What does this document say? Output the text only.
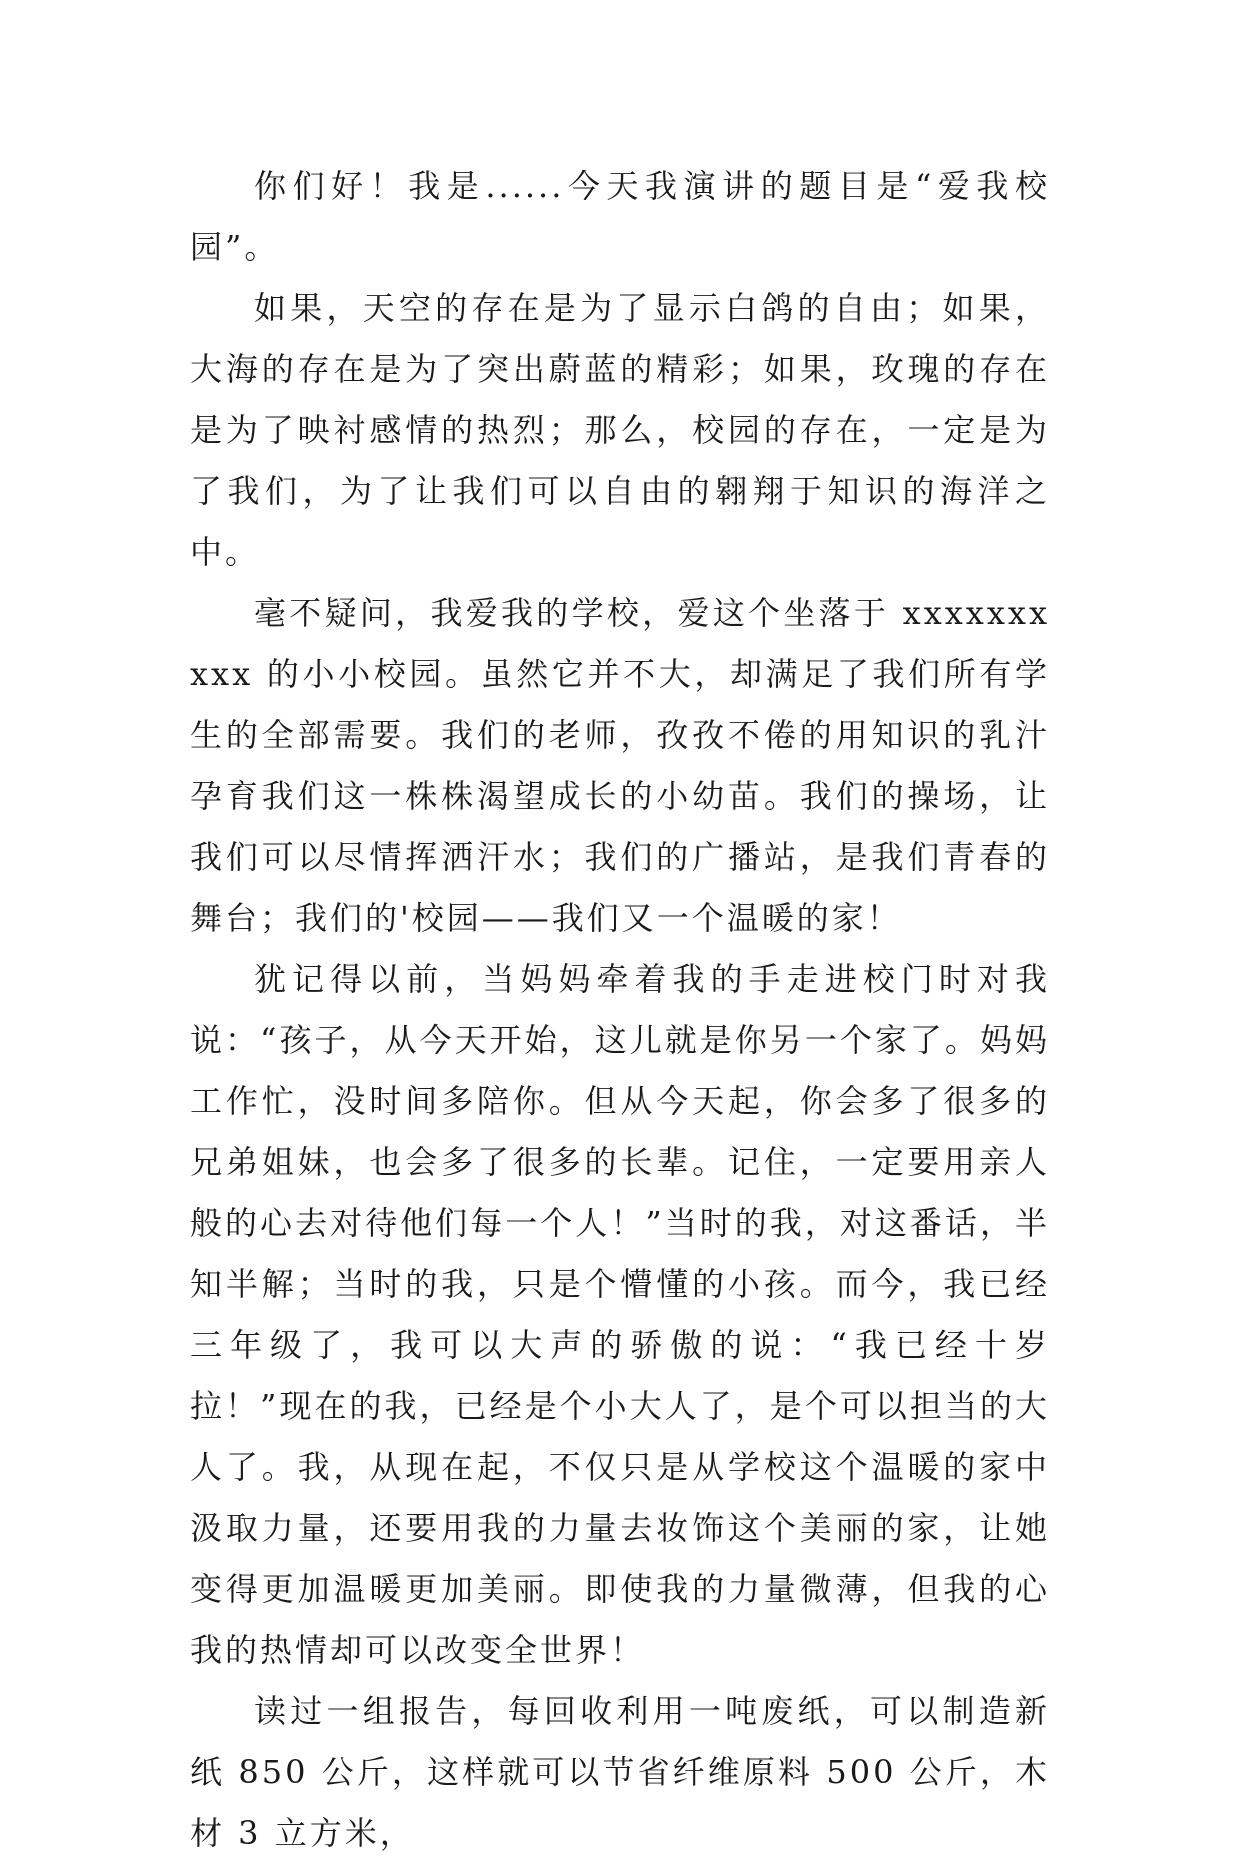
你们好！我是......今天我演讲的题目是“爱我校园”。

如果，天空的存在是为了显示白鸽的自由；如果，大海的存在是为了突出蔚蓝的精彩；如果，玫瑰的存在是为了映衬感情的热烈；那么，校园的存在，一定是为了我们，为了让我们可以自由的翱翔于知识的海洋之中。

毫不疑问，我爱我的学校，爱这个坐落于 xxxxxxxxxx 的小小校园。虽然它并不大，却满足了我们所有学生的全部需要。我们的老师，孜孜不倦的用知识的乳汁孕育我们这一株株渴望成长的小幼苗。我们的操场，让我们可以尽情挥洒汗水；我们的广播站，是我们青春的舞台；我们的'校园——我们又一个温暖的家！

犹记得以前，当妈妈牵着我的手走进校门时对我说：“孩子，从今天开始，这儿就是你另一个家了。妈妈工作忙，没时间多陪你。但从今天起，你会多了很多的兄弟姐妹，也会多了很多的长辈。记住，一定要用亲人般的心去对待他们每一个人！”当时的我，对这番话，半知半解；当时的我，只是个懵懂的小孩。而今，我已经三年级了，我可以大声的骄傲的说：“我已经十岁拉！”现在的我，已经是个小大人了，是个可以担当的大人了。我，从现在起，不仅只是从学校这个温暖的家中汲取力量，还要用我的力量去妆饰这个美丽的家，让她变得更加温暖更加美丽。即使我的力量微薄，但我的心我的热情却可以改变全世界！

读过一组报告，每回收利用一吨废纸，可以制造新纸 850 公斤，这样就可以节省纤维原料 500 公斤，木材 3 立方米，
